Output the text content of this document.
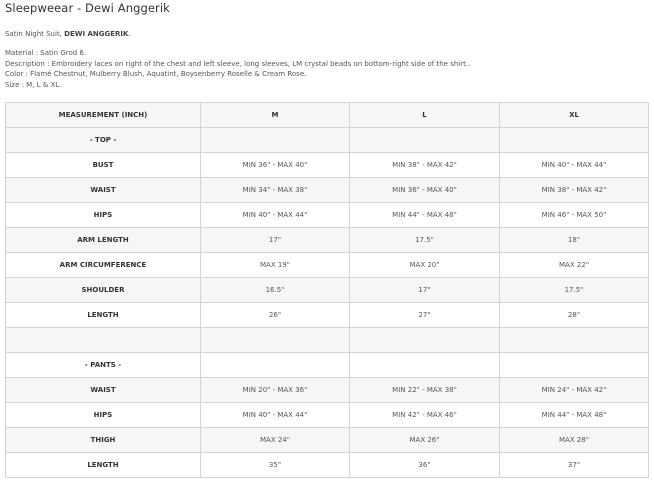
Sleepweear - Dewi Anggerik

Satin Night Suit, DEWI ANGGERIK.

Material : Satin Grod 6.
Description : Embroidery laces on right of the chest and left sleeve, long sleeves, LM crystal beads on bottom-right side of the shirt..
Color : Flamé Chestnut, Mulberry Blush, Aquatint, Boysenberry Roselle & Cream Rose.
Size : M, L & XL.
MEASUREMENT (INCH)	M	L	XL
- TOP -			
BUST	MIN 36" - MAX 40"	MIN 38" - MAX 42"	MIN 40" - MAX 44"
WAIST	MIN 34" - MAX 38"	MIN 36" - MAX 40"	MIN 38" - MAX 42"
HIPS	MIN 40" - MAX 44"	MIN 44" - MAX 48"	MIN 46" - MAX 50"
ARM LENGTH	17"	17.5"	18"
ARM CIRCUMFERENCE	MAX 19"	MAX 20"	MAX 22"
SHOULDER	16.5"	17"	17.5"
LENGTH	26"	27"	28"

- PANTS -			
WAIST	MIN 20" - MAX 36"	MIN 22" - MAX 38"	MIN 24" - MAX 42"
HIPS	MIN 40" - MAX 44"	MIN 42" - MAX 46"	MIN 44" - MAX 48"
THIGH	MAX 24"	MAX 26"	MAX 28"
LENGTH	35"	36"	37"
